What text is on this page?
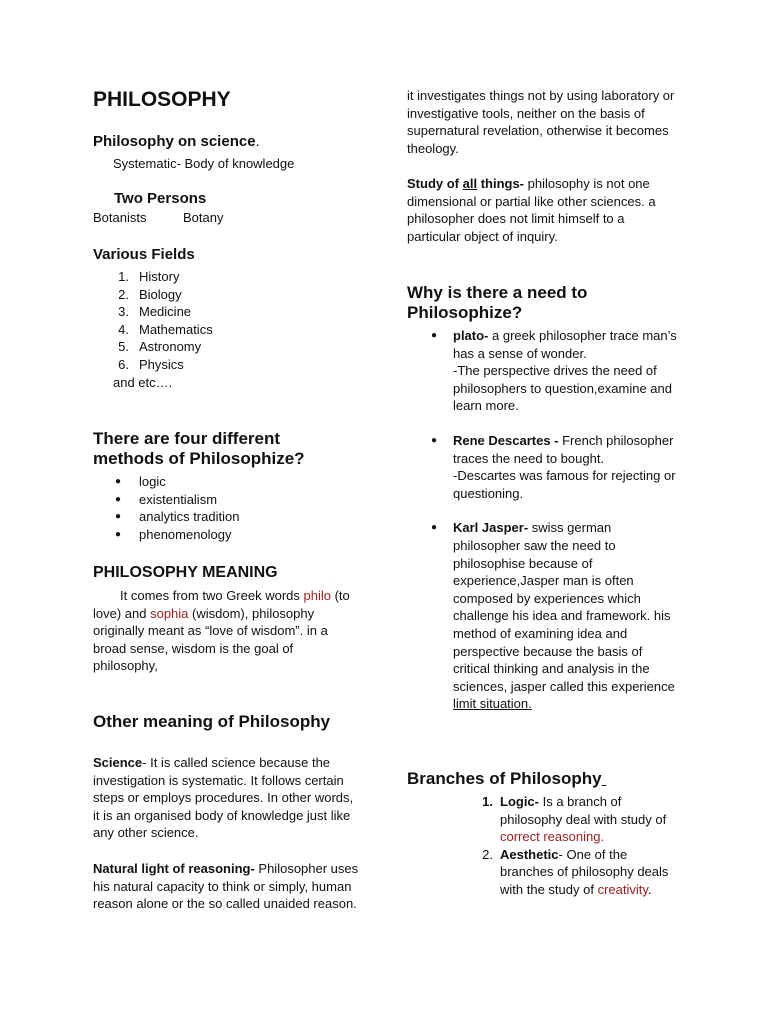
PHILOSOPHY
Philosophy on science.
Systematic- Body of knowledge
Two Persons
Botanists	Botany
Various Fields
1. History
2. Biology
3. Medicine
4. Mathematics
5. Astronomy
6. Physics
and etc….
There are four different methods of Philosophize?
● logic
● existentialism
● analytics tradition
● phenomenology
PHILOSOPHY MEANING

It comes from two Greek words philo (to love) and sophia (wisdom), philosophy originally meant as “love of wisdom”. in a broad sense, wisdom is the goal of philosophy,

Other meaning of Philosophy

Science- It is called science because the investigation is systematic. It follows certain steps or employs procedures. In other words, it is an organised body of knowledge just like any other science.

Natural light of reasoning- Philosopher uses his natural capacity to think or simply, human reason alone or the so called unaided reason.

it investigates things not by using laboratory or investigative tools, neither on the basis of supernatural revelation, otherwise it becomes theology.

Study of all things- philosophy is not one dimensional or partial like other sciences. a philosopher does not limit himself to a particular object of inquiry.

Why is there a need to Philosophize?
● plato- a greek philosopher trace man’s has a sense of wonder.
-The perspective drives the need of philosophers to question,examine and learn more.
● Rene Descartes - French philosopher traces the need to bought.
-Descartes was famous for rejecting or questioning.
● Karl Jasper- swiss german philosopher saw the need to philosophise because of experience,Jasper man is often composed by experiences which challenge his idea and framework. his method of examining idea and perspective because the basis of critical thinking and analysis in the sciences, jasper called this experience limit situation.
Branches of Philosophy
1. Logic- Is a branch of philosophy deal with study of correct reasoning.
2. Aesthetic- One of the branches of philosophy deals with the study of creativity.
